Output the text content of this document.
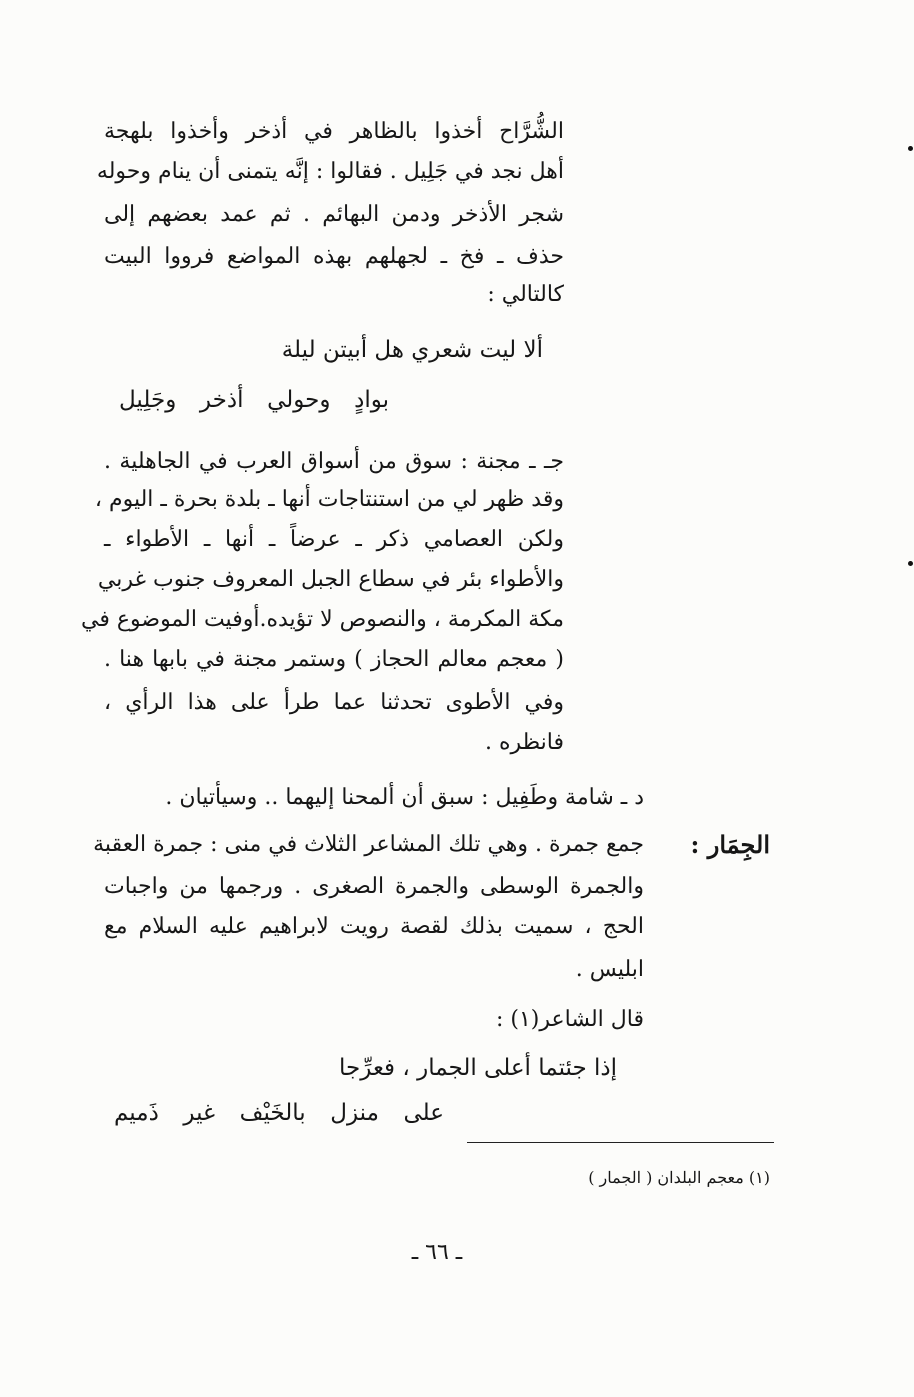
الشُّرَّاح أخذوا بالظاهر في أذخر وأخذوا بلهجة
أهل نجد في جَلِيل . فقالوا : إنَّه يتمنى أن ينام وحوله
شجر الأذخر ودمن البهائم . ثم عمد بعضهم إلى
حذف ـ فخ ـ لجهلهم بهذه المواضع فرووا البيت
كالتالي :
ألا ليت شعري هل أبيتن ليلة
بوادٍ وحولي أذخر وجَلِيل
جـ ـ مجنة : سوق من أسواق العرب في الجاهلية .
وقد ظهر لي من استنتاجات أنها ـ بلدة بحرة ـ اليوم ،
ولكن العصامي ذكر ـ عرضاً ـ أنها ـ الأطواء ـ
والأطواء بئر في سطاع الجبل المعروف جنوب غربي
مكة المكرمة ، والنصوص لا تؤيده.أوفيت الموضوع في
( معجم معالم الحجاز ) وستمر مجنة في بابها هنا .
وفي الأطوى تحدثنا عما طرأ على هذا الرأي ،
فانظره .
د ـ شامة وطَفِيل : سبق أن ألمحنا إليهما .. وسيأتيان .
الجِمَار :
جمع جمرة . وهي تلك المشاعر الثلاث في منى : جمرة العقبة
والجمرة الوسطى والجمرة الصغرى . ورجمها من واجبات
الحج ، سميت بذلك لقصة رويت لابراهيم عليه السلام مع
ابليس .
قال الشاعر(١) :
إذا جئتما أعلى الجمار ، فعرِّجا
على منزل بالخَيْف غير ذَميم
(١) معجم البلدان ( الجمار )
ـ ٦٦ ـ
